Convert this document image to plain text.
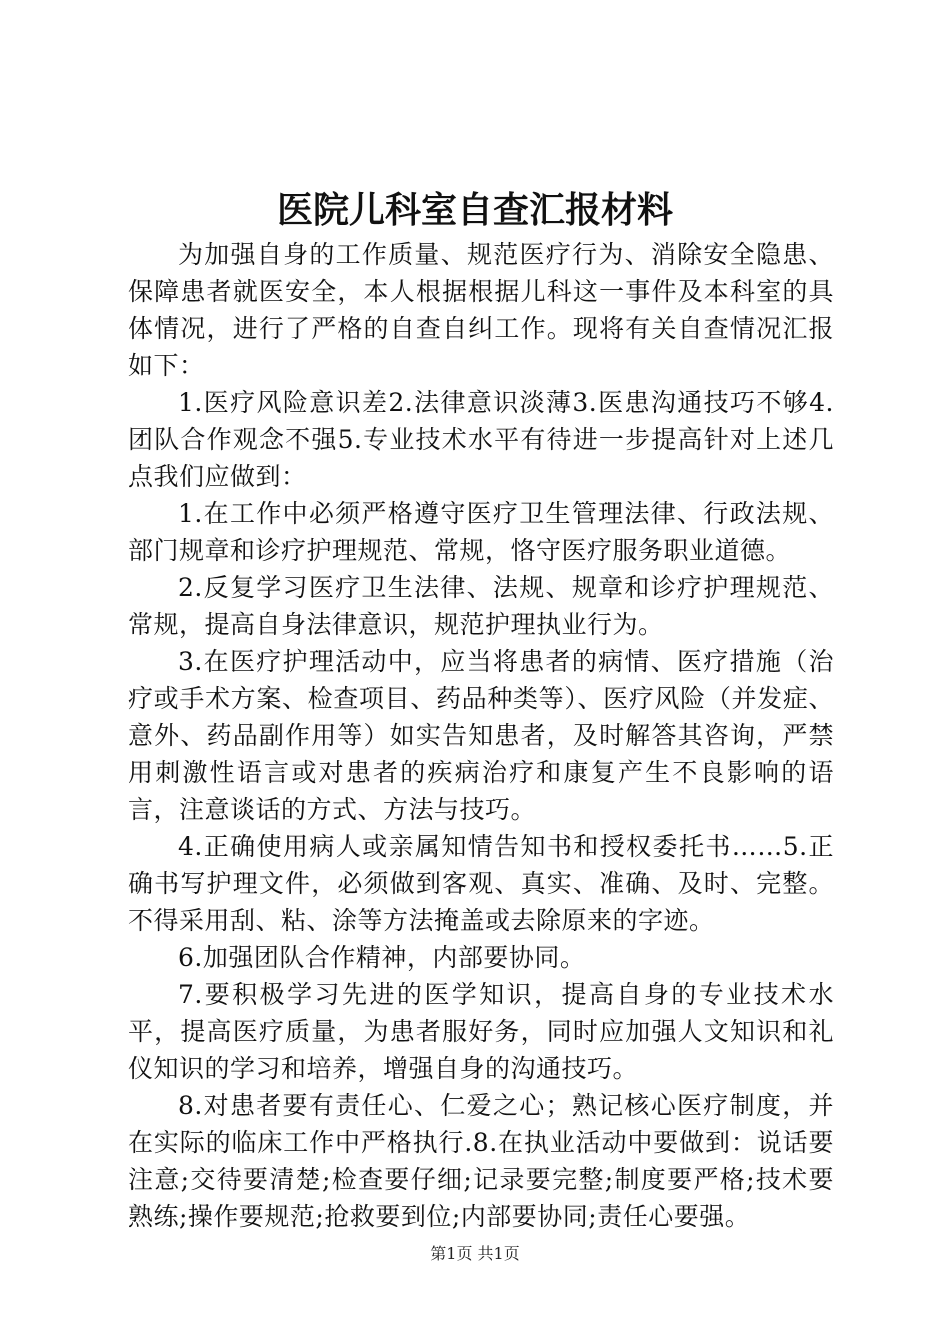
医院儿科室自查汇报材料

为加强自身的工作质量、规范医疗行为、消除安全隐患、保障患者就医安全，本人根据根据儿科这一事件及本科室的具体情况，进行了严格的自查自纠工作。现将有关自查情况汇报如下：

1.医疗风险意识差2.法律意识淡薄3.医患沟通技巧不够4.团队合作观念不强5.专业技术水平有待进一步提高针对上述几点我们应做到：

1.在工作中必须严格遵守医疗卫生管理法律、行政法规、部门规章和诊疗护理规范、常规，恪守医疗服务职业道德。

2.反复学习医疗卫生法律、法规、规章和诊疗护理规范、常规，提高自身法律意识，规范护理执业行为。

3.在医疗护理活动中，应当将患者的病情、医疗措施（治疗或手术方案、检查项目、药品种类等）、医疗风险（并发症、意外、药品副作用等）如实告知患者，及时解答其咨询，严禁用刺激性语言或对患者的疾病治疗和康复产生不良影响的语言，注意谈话的方式、方法与技巧。

4.正确使用病人或亲属知情告知书和授权委托书……5.正确书写护理文件，必须做到客观、真实、准确、及时、完整。不得采用刮、粘、涂等方法掩盖或去除原来的字迹。

6.加强团队合作精神，内部要协同。

7.要积极学习先进的医学知识，提高自身的专业技术水平，提高医疗质量，为患者服好务，同时应加强人文知识和礼仪知识的学习和培养，增强自身的沟通技巧。

8.对患者要有责任心、仁爱之心；熟记核心医疗制度，并在实际的临床工作中严格执行.8.在执业活动中要做到：说话要注意;交待要清楚;检查要仔细;记录要完整;制度要严格;技术要熟练;操作要规范;抢救要到位;内部要协同;责任心要强。

第1页 共1页
